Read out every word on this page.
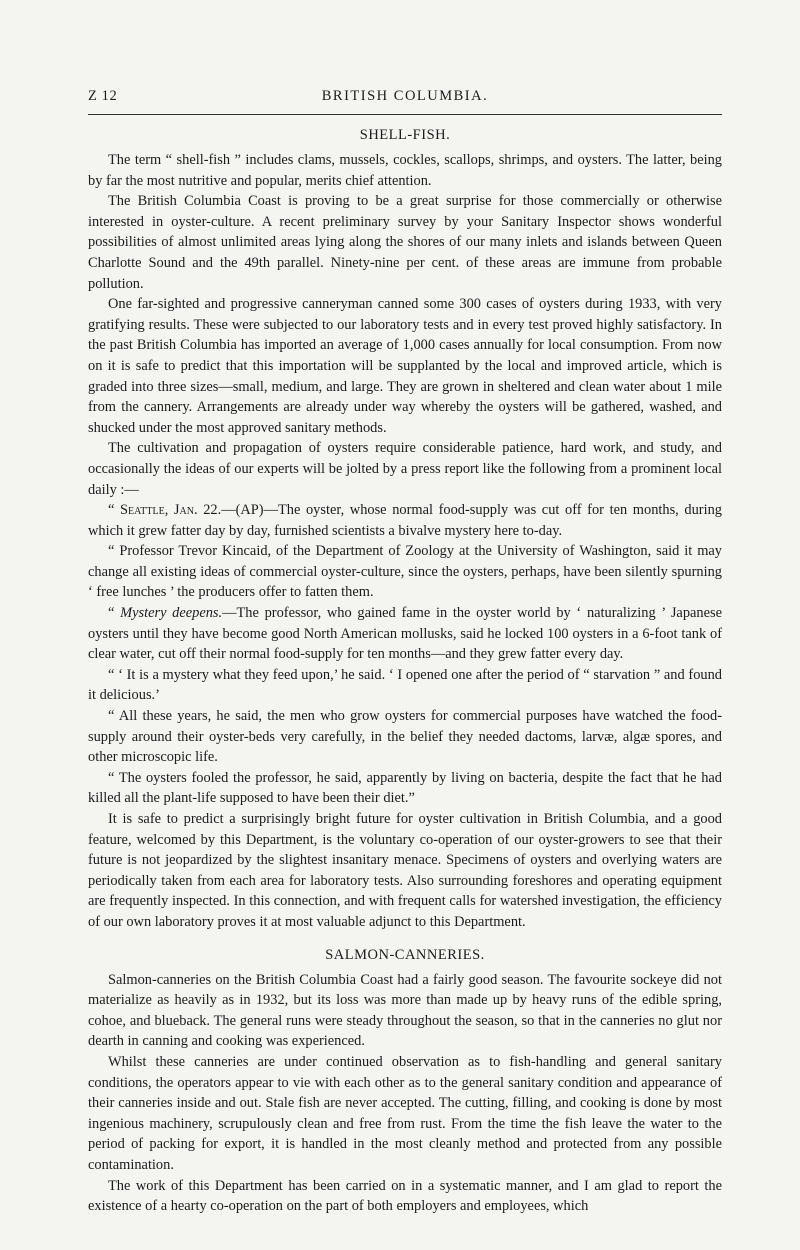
Z 12	BRITISH COLUMBIA.
SHELL-FISH.

The term “ shell-fish ” includes clams, mussels, cockles, scallops, shrimps, and oysters. The latter, being by far the most nutritive and popular, merits chief attention.

The British Columbia Coast is proving to be a great surprise for those commercially or otherwise interested in oyster-culture. A recent preliminary survey by your Sanitary Inspector shows wonderful possibilities of almost unlimited areas lying along the shores of our many inlets and islands between Queen Charlotte Sound and the 49th parallel. Ninety-nine per cent. of these areas are immune from probable pollution.

One far-sighted and progressive canneryman canned some 300 cases of oysters during 1933, with very gratifying results. These were subjected to our laboratory tests and in every test proved highly satisfactory. In the past British Columbia has imported an average of 1,000 cases annually for local consumption. From now on it is safe to predict that this importation will be supplanted by the local and improved article, which is graded into three sizes—small, medium, and large. They are grown in sheltered and clean water about 1 mile from the cannery. Arrangements are already under way whereby the oysters will be gathered, washed, and shucked under the most approved sanitary methods.

The cultivation and propagation of oysters require considerable patience, hard work, and study, and occasionally the ideas of our experts will be jolted by a press report like the following from a prominent local daily :—

“ Seattle, Jan. 22.—(AP)—The oyster, whose normal food-supply was cut off for ten months, during which it grew fatter day by day, furnished scientists a bivalve mystery here to-day.

“ Professor Trevor Kincaid, of the Department of Zoology at the University of Washington, said it may change all existing ideas of commercial oyster-culture, since the oysters, perhaps, have been silently spurning ‘ free lunches ’ the producers offer to fatten them.

“ Mystery deepens.—The professor, who gained fame in the oyster world by ‘ naturalizing ’ Japanese oysters until they have become good North American mollusks, said he locked 100 oysters in a 6-foot tank of clear water, cut off their normal food-supply for ten months—and they grew fatter every day.

“ ‘ It is a mystery what they feed upon,’ he said. ‘ I opened one after the period of “ starvation ” and found it delicious.’

“ All these years, he said, the men who grow oysters for commercial purposes have watched the food-supply around their oyster-beds very carefully, in the belief they needed dactoms, larvæ, algæ spores, and other microscopic life.

“ The oysters fooled the professor, he said, apparently by living on bacteria, despite the fact that he had killed all the plant-life supposed to have been their diet.”

It is safe to predict a surprisingly bright future for oyster cultivation in British Columbia, and a good feature, welcomed by this Department, is the voluntary co-operation of our oyster-growers to see that their future is not jeopardized by the slightest insanitary menace. Specimens of oysters and overlying waters are periodically taken from each area for laboratory tests. Also surrounding foreshores and operating equipment are frequently inspected. In this connection, and with frequent calls for watershed investigation, the efficiency of our own laboratory proves it at most valuable adjunct to this Department.

SALMON-CANNERIES.

Salmon-canneries on the British Columbia Coast had a fairly good season. The favourite sockeye did not materialize as heavily as in 1932, but its loss was more than made up by heavy runs of the edible spring, cohoe, and blueback. The general runs were steady throughout the season, so that in the canneries no glut nor dearth in canning and cooking was experienced.

Whilst these canneries are under continued observation as to fish-handling and general sanitary conditions, the operators appear to vie with each other as to the general sanitary condition and appearance of their canneries inside and out. Stale fish are never accepted. The cutting, filling, and cooking is done by most ingenious machinery, scrupulously clean and free from rust. From the time the fish leave the water to the period of packing for export, it is handled in the most cleanly method and protected from any possible contamination.

The work of this Department has been carried on in a systematic manner, and I am glad to report the existence of a hearty co-operation on the part of both employers and employees, which
